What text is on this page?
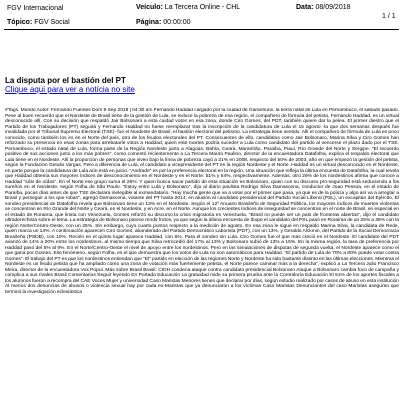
FGV Internacional	Veículo: La Tercera Online - CHL	Data: 08/09/2018
1 / 1
Tópico: FGV Social	Página: 00:00:00
La disputa por el bastión del PT
Clique aqui para ver a notícia no site
#Tags. Mundo Autor: Fernando Fuentes Dom 9 Sep 2018 | 04:30 am Fernando Haddad cargado por la ciudad de Garanhuns, la tierra natal de Lula en Pernambuco, el sábado pasado. Pese al buen recuerdo que el Nordeste de Brasil tiene de la gestión de Lula, se reduce la pobreza de esa región, el compañero de fórmula del petista, Fernando Haddad, es un virtual desconocido allí. Con su decisión que respaldó Jair Bolsonaro a esta cuidad votos en esa zona, donde Ciro Gomes, del PDT, también quiere dar la pelea. El primer diestro que el Partido de los Trabajadores (PT) seguirá y Fernando Haddad no fuese reemplazar tras la inscripción de la candidatura de Lula el 15 agosto -la que dos semanas después fue invalidada por el Tribunal Supremo Electoral (TSE)- fue el Nordeste de Brasil, el bastión electoral del petismo. La estrategia tiene sentido. Allí el compañero de fórmula de Lula es poco conocido, como también los es en el Norte del país, otro de los feudos electorales del PT. Consecuentes de ello, candidatos como Jair Bolsonaro, Marina Silva y Ciro Gomes han reforzado su presencia en esas zonas para arrebatarle votos a Haddad, quien este martes podría suceder a Lula como candidato del partido al vencerse el plazo dado por el TSE. Pernambuco, el estado natal de Lula, forma parte de la Región Nordeste junto a Alagoas, Bahía, Ceará, Maranhão, Paraíba, Piauí, Río Grande del Norte y Sergipe. "El recuerdo positivo de sus acciones junto a los más pobres", como comentó recientemente a La Tercera Mauro Paulino, director de la encuestadora Datafolha, explica el respaldo electoral que Lula tiene en el Nordeste. Allí la proporción de personas que viven bajo la línea de pobreza cayó a 31% en 2008, respecto del 50% de 2003, año en que empezó la gestión del petista, según la Fundación Getulio Vargas. Pero a diferencia de Lula, el candidato a vicepresidente del PT en la región Nordeste y el Norte. Haddad es un virtual desconocido en el Nordeste, en parte porque la candidatura de Lula aún está en juicio. "Andrade" es por la preferencia electoral en la región. Una situación que refleja la última encuesta de Datafolha, la cual revela que Haddad obtenía sus mayores índices de desconocimiento en el Nordeste y en el Norte: 51% y 54%, respectivamente. Además, otro 29% de los nordestinos afirma que conoce a Haddad "sólo de oídas". En el Norte ese grupo suma el 26%. Y quien busca sacar partido de esta situación es Bolsonaro, quien con su discurso pro-seguridad está seduciendo a los sureños en el Nordeste, según Folha de São Paulo. "Estoy entre Lula y Bolsonaro", dijo al diario paulista Rodrigo Silva Damascena, conductor de Joao Pessoa, en el estado de Paraíba, pocas días antes de que TSE declarara inelegible al exmandatario. "Hay mucha gente que va a votar por el primer que pasa, ya que es de la policía y algo así va a arreglar a Brasil y perseguir a los que roban", agregó Damascena, votante del PT hasta 2014, en alusión al candidato presidencial del Partido Social Liberal (PSL), un excapitán del Ejército. El sondeo presidencial de Datafolha revela que Bolsonaro tiene un 13% en el Nordeste. Según el 12º Anuario Brasileño de Seguridad Pública, los mayores índices de muertes violentas se concentran en Río Grande del Norte y Ceará, en el Nordeste, y en Acre, en el Norte. Aunque los crecientes índices de inseguridad se concentran en el norte de Brasil, en especial en el estado de Roraima, que limita con Venezuela, Gomes reforzó su discurso la crisis migratoria en Venezuela. "Brasil no puede ser un país de fronteras abiertas", dijo el candidato ultraderechista sobre el tema. La estrategia de Bolsonaro parece rendir frutos, ya que según la última encuesta de Ibope el candidato del PSL pasó en Roraima de un 25% a 36% con la región Norte/Centro-Oeste, con un 25%. Sin embargo, cuyo cuarto puntos respecto a la medición de agosto. En esa zona le sigue en respaldo Marina Silva, la candidata de Rede, quien marca un 14%. A continuación aparecen Ciro Gomes, abanderado del Partido Democrático Laborista (PDT), con un 13%, y Geraldo Alckmin, del Partido de la Social Democracia Brasileña (PSDB), con 10%. Recién en el quinto lugar aparece Haddad, con 6%. Para el sondeo sin Lula. Ciro Gomes fue el que más creció en el Nordeste. El candidato del PDT avanzó de 14% a 20% entre los nordestinos, al mismo tiempo que Silva retrocedió del 17% al 13% y Bolsonaro subió de 13% a 15%. En la misma región, la tasa de preferencia por Haddad pasó del 5% al 9%. En el Norte/Centro-Oeste el nivel de apoyo entre los nordestinos. Pero en las simulaciones de disputas de segunda vuelta, el Nordeste aparece como el que gana por Gomes. Ese fenómeno, según Folha, es el que demuestra que los votos de Lula no son automáticos para Haddad. "El partido de Lula de 70% a 80% puede votar contra Gomes". El trabajo del PT es que los nordestinos entiendan que "El" partido en elección de las regiones Norte y Nordeste ha sido bastante distinto en las últimas elecciones. Mientras el Nordeste es un feudo petista que ha ampliado como una zona de votación más fuertemente petista, el Norte parece caminar más a la derecha", explicó a La Tercera Julio Francisco Meira, director de la encuestadora Vox Popul. Más sobre Brasil Brasil: CIDH condena ataque contra candidato presidencial Bolsonaro Ataque a Bolsonaro cambia foco de campaña y complica a sus rivales Brasil Comentarios Seguir leyendo En Portada Educación La gratuidad mide su primera prueba ante la Contraloría Educación El 51% de los aportes fiscales a los alumnos fueron a recompra del CAE Voces Mujer y universidad Caso Maristas Menores tienen que declarar por días, según estudio realizado por casos de abuso en esta institución Al menos dos denuncias de abusos o violencia sexual hay por cada ex-Maristas que ya denunciaron a los víctimas Caso Maristas Denunciantes del caso Maristas aseguran que terminó la investigación eclesiástica
